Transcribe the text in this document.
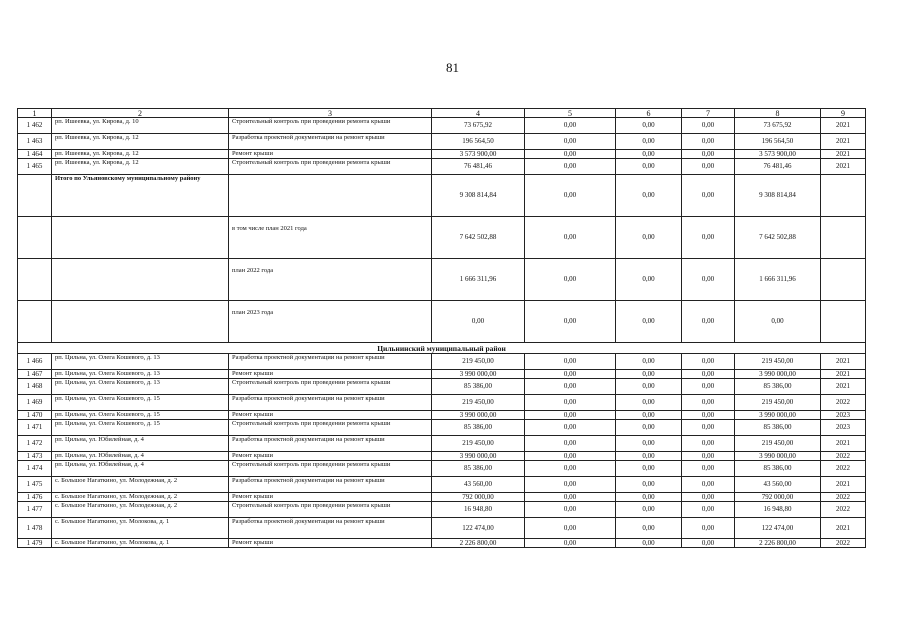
81
1	2	3	4	5	6	7	8	9
1 462	рп. Ишеевка, ул. Кирова, д. 10	Строительный контроль при проведении ремонта крыши	73 675,92	0,00	0,00	0,00	73 675,92	2021
1 463	рп. Ишеевка, ул. Кирова, д. 12	Разработка проектной документации на ремонт крыши	196 564,50	0,00	0,00	0,00	196 564,50	2021
1 464	рп. Ишеевка, ул. Кирова, д. 12	Ремонт крыши	3 573 900,00	0,00	0,00	0,00	3 573 900,00	2021
1 465	рп. Ишеевка, ул. Кирова, д. 12	Строительный контроль при проведении ремонта крыши	76 481,46	0,00	0,00	0,00	76 481,46	2021
	Итого по Ульяновскому муниципальному району		9 308 814,84	0,00	0,00	0,00	9 308 814,84	
		в том числе план 2021 года	7 642 502,88	0,00	0,00	0,00	7 642 502,88	
		план 2022 года	1 666 311,96	0,00	0,00	0,00	1 666 311,96	
		план 2023 года	0,00	0,00	0,00	0,00	0,00	
Цильнинский муниципальный район								
1 466	рп. Цильна, ул. Олега Кошевого, д. 13	Разработка проектной документации на ремонт крыши	219 450,00	0,00	0,00	0,00	219 450,00	2021
1 467	рп. Цильна, ул. Олега Кошевого, д. 13	Ремонт крыши	3 990 000,00	0,00	0,00	0,00	3 990 000,00	2021
1 468	рп. Цильна, ул. Олега Кошевого, д. 13	Строительный контроль при проведении ремонта крыши	85 386,00	0,00	0,00	0,00	85 386,00	2021
1 469	рп. Цильна, ул. Олега Кошевого, д. 15	Разработка проектной документации на ремонт крыши	219 450,00	0,00	0,00	0,00	219 450,00	2022
1 470	рп. Цильна, ул. Олега Кошевого, д. 15	Ремонт крыши	3 990 000,00	0,00	0,00	0,00	3 990 000,00	2023
1 471	рп. Цильна, ул. Олега Кошевого, д. 15	Строительный контроль при проведении ремонта крыши	85 386,00	0,00	0,00	0,00	85 386,00	2023
1 472	рп. Цильна, ул. Юбилейная, д. 4	Разработка проектной документации на ремонт крыши	219 450,00	0,00	0,00	0,00	219 450,00	2021
1 473	рп. Цильна, ул. Юбилейная, д. 4	Ремонт крыши	3 990 000,00	0,00	0,00	0,00	3 990 000,00	2022
1 474	рп. Цильна, ул. Юбилейная, д. 4	Строительный контроль при проведении ремонта крыши	85 386,00	0,00	0,00	0,00	85 386,00	2022
1 475	с. Большое Нагаткино, ул. Молодежная, д. 2	Разработка проектной документации на ремонт крыши	43 560,00	0,00	0,00	0,00	43 560,00	2021
1 476	с. Большое Нагаткино, ул. Молодежная, д. 2	Ремонт крыши	792 000,00	0,00	0,00	0,00	792 000,00	2022
1 477	с. Большое Нагаткино, ул. Молодежная, д. 2	Строительный контроль при проведении ремонта крыши	16 948,80	0,00	0,00	0,00	16 948,80	2022
1 478	с. Большое Нагаткино, ул. Молокова, д. 1	Разработка проектной документации на ремонт крыши	122 474,00	0,00	0,00	0,00	122 474,00	2021
1 479	с. Большое Нагаткино, ул. Молокова, д. 1	Ремонт крыши	2 226 800,00	0,00	0,00	0,00	2 226 800,00	2022
